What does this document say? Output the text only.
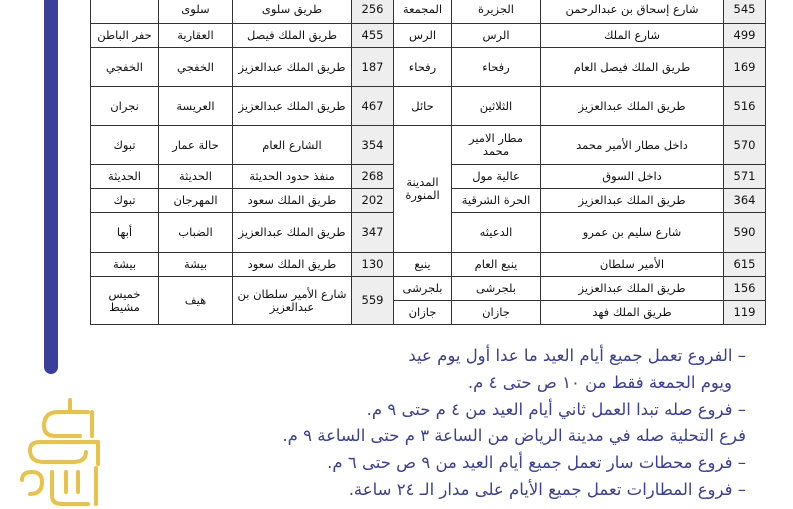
545	شارع إسحاق بن عبدالرحمن	الجزيرة	المجمعة	256	طريق سلوى	سلوى	
499	شارع الملك	الرس	الرس	455	طريق الملك فيصل	العقارية	حفر الباطن
169	طريق الملك فيصل العام	رفحاء	رفحاء	187	طريق الملك عبدالعزيز	الخفجي	الخفجي
516	طريق الملك عبدالعزيز	الثلاثين	حائل	467	طريق الملك عبدالعزيز	العريسة	نجران
570	داخل مطار الأمير محمد	مطار الامير محمد	المدينة المنورة	354	الشارع العام	حالة عمار	تبوك
571	داخل السوق	عالية مول		268	منفذ حدود الحديثة	الحديثة	الحديثة
364	طريق الملك عبدالعزيز	الحرة الشرقية		202	طريق الملك سعود	المهرجان	تبوك
590	شارع سليم بن عمرو	الدعيثه		347	طريق الملك عبدالعزيز	الضباب	أبها
615	الأمير سلطان	ينبع العام	ينبع	130	طريق الملك سعود	بيشة	بيشة
156	طريق الملك عبدالعزيز	بلجرشى	بلجرشى	559	شارع الأمير سلطان بن عبدالعزيز	هيف	خميس مشيط
119	طريق الملك فهد	جازان	جازان				
– الفروع تعمل جميع أيام العيد ما عدا أول يوم عيد
ويوم الجمعة فقط من ١٠ ص حتى ٤ م.
– فروع صله تبدا العمل ثاني أيام العيد من ٤ م حتى ٩ م.
فرع التحلية صله في مدينة الرياض من الساعة ٣ م حتى الساعة ٩ م.
– فروع محطات سار تعمل جميع أيام العيد من ٩ ص حتى ٦ م.
– فروع المطارات تعمل جميع الأيام على مدار الـ ٢٤ ساعة.
